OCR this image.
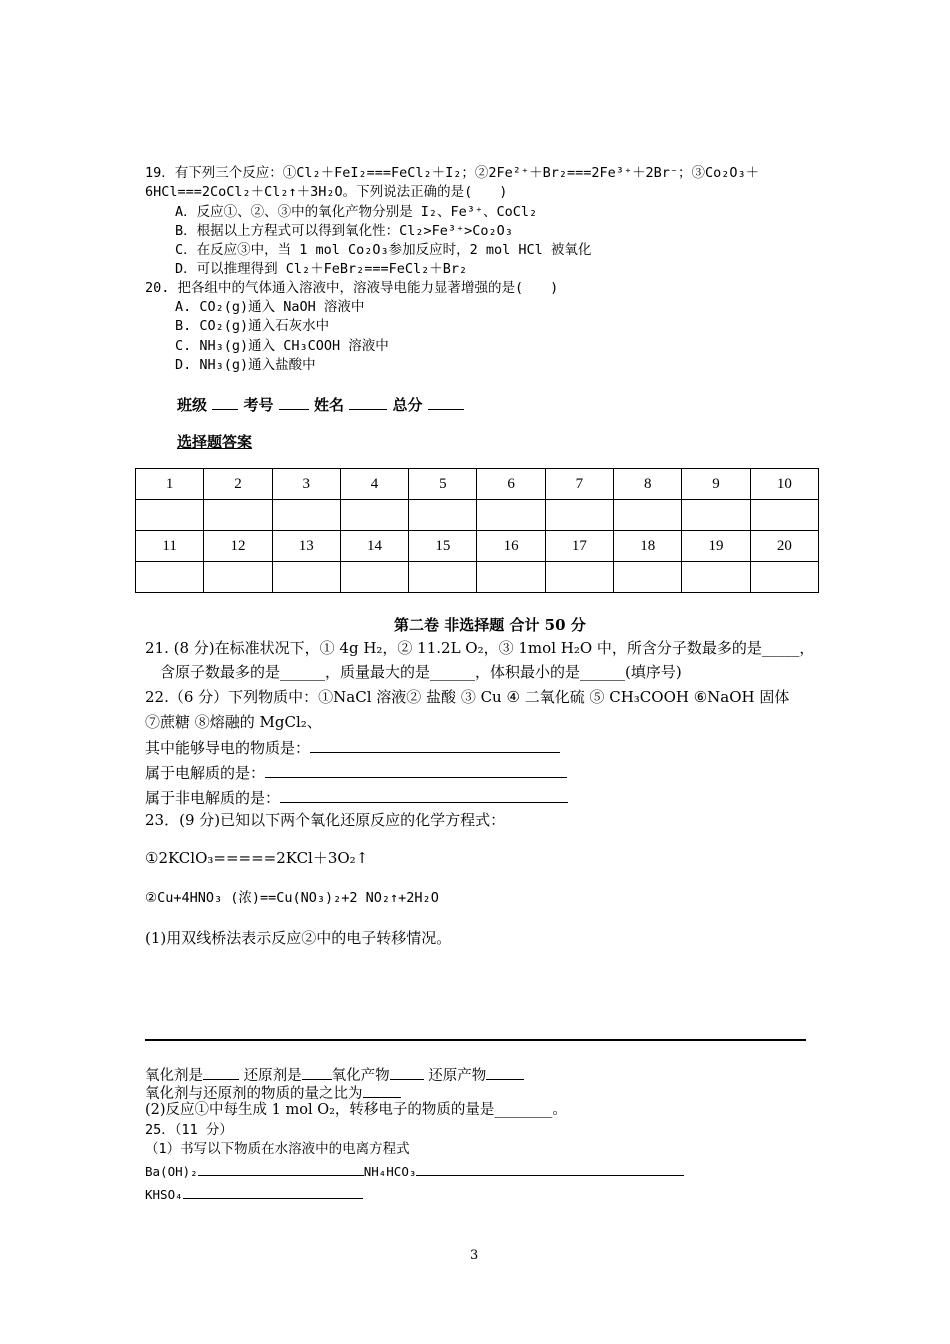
19．有下列三个反应：①Cl₂＋FeI₂===FeCl₂＋I₂；②2Fe²⁺＋Br₂===2Fe³⁺＋2Br⁻；③Co₂O₃＋
6HCl===2CoCl₂＋Cl₂↑＋3H₂O。下列说法正确的是(　　)
A．反应①、②、③中的氧化产物分别是 I₂、Fe³⁺、CoCl₂
B．根据以上方程式可以得到氧化性：Cl₂>Fe³⁺>Co₂O₃
C．在反应③中，当 1 mol Co₂O₃参加反应时，2 mol HCl 被氧化
D．可以推理得到 Cl₂＋FeBr₂===FeCl₂＋Br₂
20. 把各组中的气体通入溶液中，溶液导电能力显著增强的是(　　)
A. CO₂(g)通入 NaOH 溶液中
B. CO₂(g)通入石灰水中
C. NH₃(g)通入 CH₃COOH 溶液中
D. NH₃(g)通入盐酸中
班级 考号	姓名	总分
选择题答案
1	2	3	4	5	6	7	8	9	10

11	12	13	14	15	16	17	18	19	20

第二卷 非选择题 合计 50 分
21. (8 分)在标准状况下，① 4g H₂，② 11.2L O₂，③ 1mol H₂O 中，所含分子数最多的是_____，
含原子数最多的是______，质量最大的是______，体积最小的是______(填序号)
22.（6 分）下列物质中：①NaCl 溶液② 盐酸 ③ Cu ④ 二氧化硫 ⑤ CH₃COOH ⑥NaOH 固体
⑦蔗糖 ⑧熔融的 MgCl₂、
其中能够导电的物质是：
属于电解质的是：
属于非电解质的是：
23．(9 分)已知以下两个氧化还原反应的化学方程式：
①2KClO₃=====2KCl＋3O₂↑
②Cu+4HNO₃ (浓)==Cu(NO₃)₂+2 NO₂↑+2H₂O
(1)用双线桥法表示反应②中的电子转移情况。
氧化剂是	还原剂是 氧化产物	还原产物
氧化剂与还原剂的物质的量之比为
(2)反应①中每生成 1 mol O₂，转移电子的物质的量是________。
25．（11 分）
（1）书写以下物质在水溶液中的电离方程式
Ba(OH)₂	NH₄HCO₃
KHSO₄
3
